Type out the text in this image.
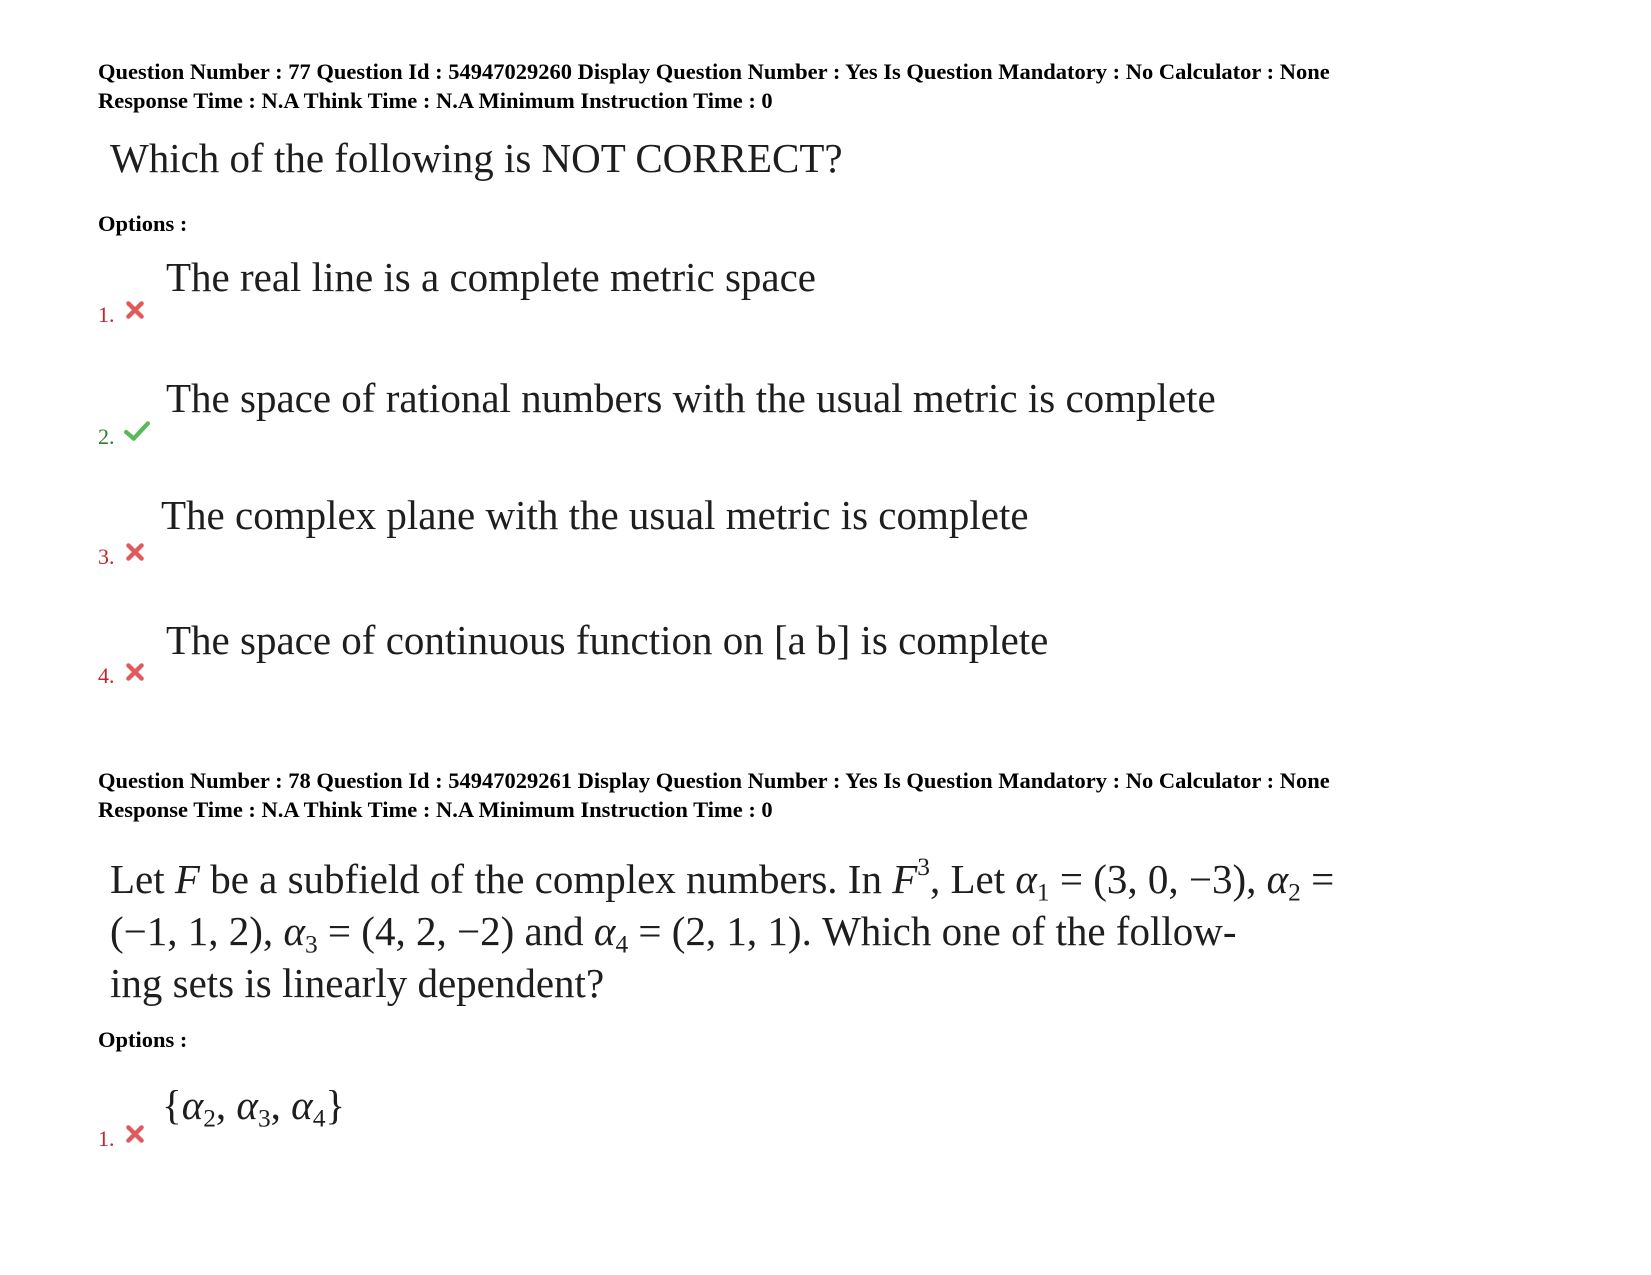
Question Number : 77 Question Id : 54947029260 Display Question Number : Yes Is Question Mandatory : No Calculator : None
Response Time : N.A Think Time : N.A Minimum Instruction Time : 0
Which of the following is NOT CORRECT?
Options :
The real line is a complete metric space
1.
The space of rational numbers with the usual metric is complete
2.
The complex plane with the usual metric is complete
3.
The space of continuous function on [a b] is complete
4.
Question Number : 78 Question Id : 54947029261 Display Question Number : Yes Is Question Mandatory : No Calculator : None
Response Time : N.A Think Time : N.A Minimum Instruction Time : 0
Let F be a subfield of the complex numbers. In $F^3$, Let $\alpha_1 = (3$, 0, −3), $\alpha_2$ =
(−1, 1, 2), $\alpha_3 = (4$, 2, −2) and $\alpha_4 = (2$, 1, 1). Which one of the follow-
ing sets is linearly dependent?
Options :
{$\alpha_2$, $\alpha_3$, $\alpha_4$}
1.
